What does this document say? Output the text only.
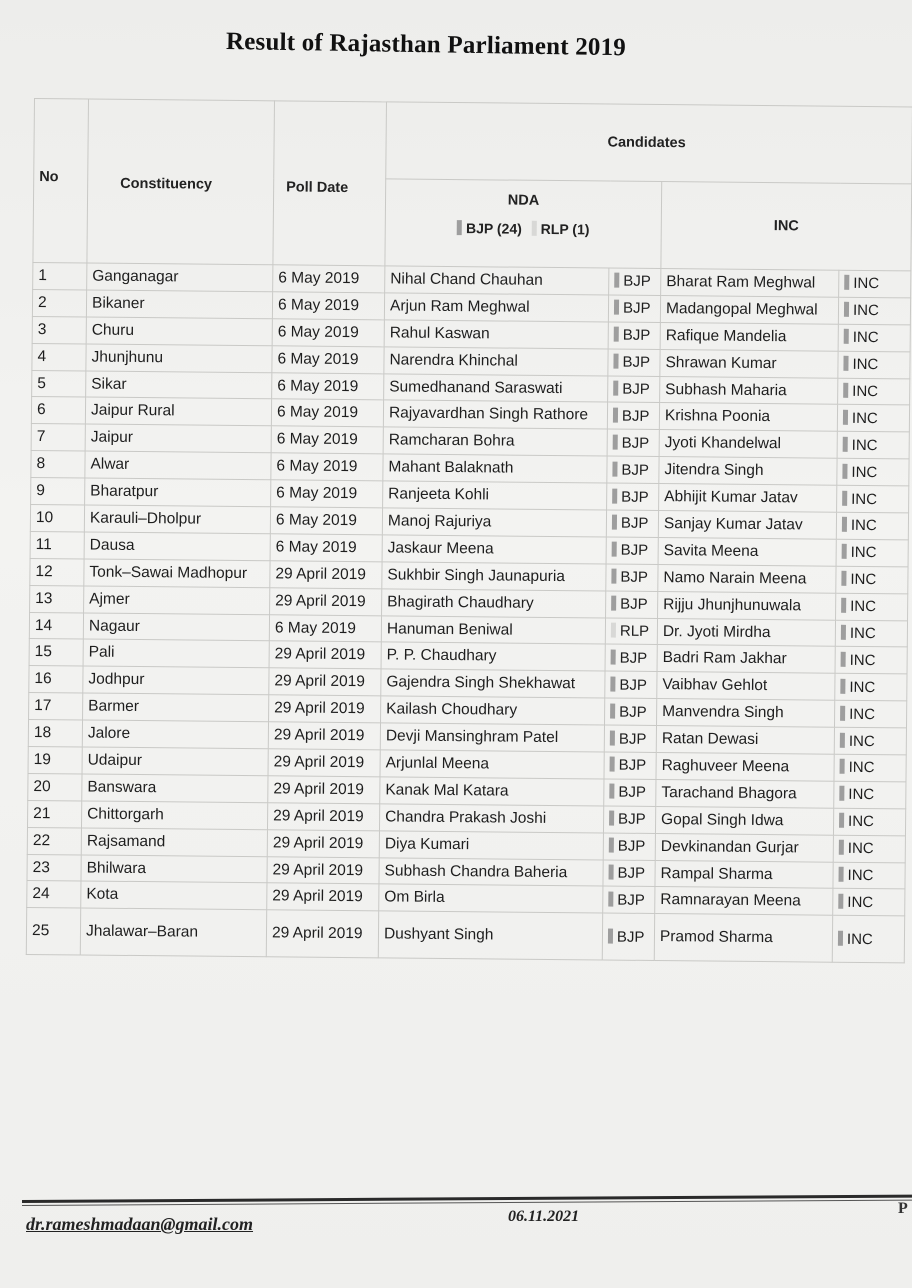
Result of Rajasthan Parliament 2019
No	Constituency	Poll Date	Candidates			
			NDA
BJP (24) RLP (1)		INC	
1	Ganganagar	6 May 2019	Nihal Chand Chauhan	BJP	Bharat Ram Meghwal	INC
2	Bikaner	6 May 2019	Arjun Ram Meghwal	BJP	Madangopal Meghwal	INC
3	Churu	6 May 2019	Rahul Kaswan	BJP	Rafique Mandelia	INC
4	Jhunjhunu	6 May 2019	Narendra Khinchal	BJP	Shrawan Kumar	INC
5	Sikar	6 May 2019	Sumedhanand Saraswati	BJP	Subhash Maharia	INC
6	Jaipur Rural	6 May 2019	Rajyavardhan Singh Rathore	BJP	Krishna Poonia	INC
7	Jaipur	6 May 2019	Ramcharan Bohra	BJP	Jyoti Khandelwal	INC
8	Alwar	6 May 2019	Mahant Balaknath	BJP	Jitendra Singh	INC
9	Bharatpur	6 May 2019	Ranjeeta Kohli	BJP	Abhijit Kumar Jatav	INC
10	Karauli–Dholpur	6 May 2019	Manoj Rajuriya	BJP	Sanjay Kumar Jatav	INC
11	Dausa	6 May 2019	Jaskaur Meena	BJP	Savita Meena	INC
12	Tonk–Sawai Madhopur	29 April 2019	Sukhbir Singh Jaunapuria	BJP	Namo Narain Meena	INC
13	Ajmer	29 April 2019	Bhagirath Chaudhary	BJP	Rijju Jhunjhunuwala	INC
14	Nagaur	6 May 2019	Hanuman Beniwal	RLP	Dr. Jyoti Mirdha	INC
15	Pali	29 April 2019	P. P. Chaudhary	BJP	Badri Ram Jakhar	INC
16	Jodhpur	29 April 2019	Gajendra Singh Shekhawat	BJP	Vaibhav Gehlot	INC
17	Barmer	29 April 2019	Kailash Choudhary	BJP	Manvendra Singh	INC
18	Jalore	29 April 2019	Devji Mansinghram Patel	BJP	Ratan Dewasi	INC
19	Udaipur	29 April 2019	Arjunlal Meena	BJP	Raghuveer Meena	INC
20	Banswara	29 April 2019	Kanak Mal Katara	BJP	Tarachand Bhagora	INC
21	Chittorgarh	29 April 2019	Chandra Prakash Joshi	BJP	Gopal Singh Idwa	INC
22	Rajsamand	29 April 2019	Diya Kumari	BJP	Devkinandan Gurjar	INC
23	Bhilwara	29 April 2019	Subhash Chandra Baheria	BJP	Rampal Sharma	INC
24	Kota	29 April 2019	Om Birla	BJP	Ramnarayan Meena	INC
25	Jhalawar–Baran	29 April 2019	Dushyant Singh	BJP	Pramod Sharma	INC
dr.rameshmadaan@gmail.com	06.11.2021	P
